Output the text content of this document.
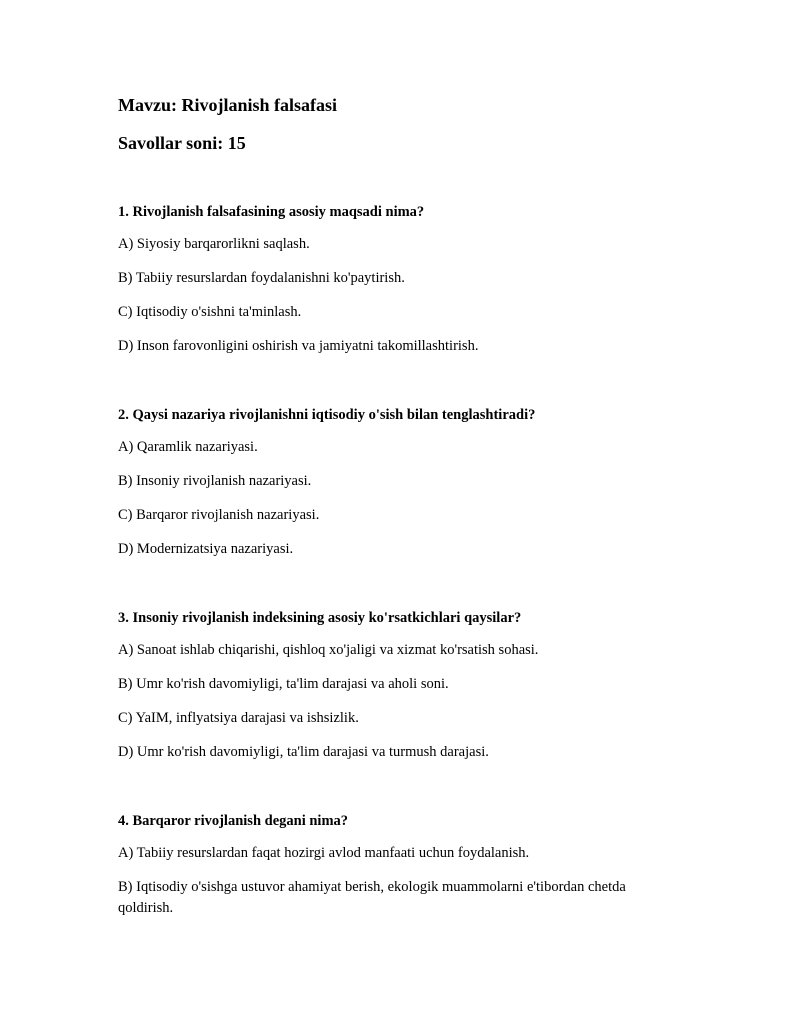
Mavzu: Rivojlanish falsafasi
Savollar soni: 15
1. Rivojlanish falsafasining asosiy maqsadi nima?
A) Siyosiy barqarorlikni saqlash.
B) Tabiiy resurslardan foydalanishni ko'paytirish.
C) Iqtisodiy o'sishni ta'minlash.
D) Inson farovonligini oshirish va jamiyatni takomillashtirish.
2. Qaysi nazariya rivojlanishni iqtisodiy o'sish bilan tenglashtiradi?
A) Qaramlik nazariyasi.
B) Insoniy rivojlanish nazariyasi.
C) Barqaror rivojlanish nazariyasi.
D) Modernizatsiya nazariyasi.
3. Insoniy rivojlanish indeksining asosiy ko'rsatkichlari qaysilar?
A) Sanoat ishlab chiqarishi, qishloq xo'jaligi va xizmat ko'rsatish sohasi.
B) Umr ko'rish davomiyligi, ta'lim darajasi va aholi soni.
C) YaIM, inflyatsiya darajasi va ishsizlik.
D) Umr ko'rish davomiyligi, ta'lim darajasi va turmush darajasi.
4. Barqaror rivojlanish degani nima?
A) Tabiiy resurslardan faqat hozirgi avlod manfaati uchun foydalanish.
B) Iqtisodiy o'sishga ustuvor ahamiyat berish, ekologik muammolarni e'tibordan chetda qoldirish.
